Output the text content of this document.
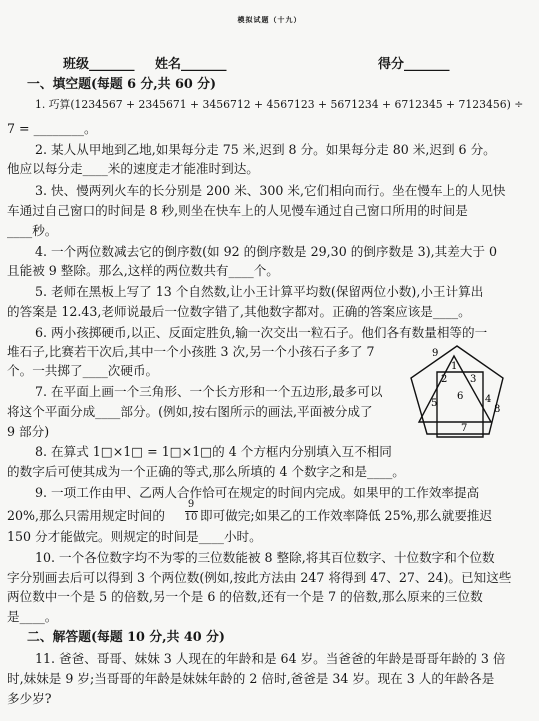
模拟试题（十九）
班级_______ 姓名_______	得分_______
一、填空题(每题 6 分,共 60 分)
1. 巧算(1234567 + 2345671 + 3456712 + 4567123 + 5671234 + 6712345 + 7123456) ÷
7 = ________。
2. 某人从甲地到乙地,如果每分走 75 米,迟到 8 分。如果每分走 80 米,迟到 6 分。
他应以每分走____米的速度走才能准时到达。
3. 快、慢两列火车的长分别是 200 米、300 米,它们相向而行。坐在慢车上的人见快
车通过自己窗口的时间是 8 秒,则坐在快车上的人见慢车通过自己窗口所用的时间是
____秒。
4. 一个两位数减去它的倒序数(如 92 的倒序数是 29,30 的倒序数是 3),其差大于 0
且能被 9 整除。那么,这样的两位数共有____个。
5. 老师在黑板上写了 13 个自然数,让小王计算平均数(保留两位小数),小王计算出
的答案是 12.43,老师说最后一位数字错了,其他数字都对。正确的答案应该是____。
6. 两小孩掷硬币,以正、反面定胜负,输一次交出一粒石子。他们各有数量相等的一
堆石子,比赛若干次后,其中一个小孩胜 3 次,另一个小孩石子多了 7
个。一共掷了____次硬币。
7. 在平面上画一个三角形、一个长方形和一个五边形,最多可以
将这个平面分成____部分。(例如,按右图所示的画法,平面被分成了
9 部分)
9
1
2 3
4
5
6
7
8
8. 在算式 1□×1□ = 1□×1□的 4 个方框内分别填入互不相同
的数字后可使其成为一个正确的等式,那么所填的 4 个数字之和是____。
9. 一项工作由甲、乙两人合作恰可在规定的时间内完成。如果甲的工作效率提高
20%,那么只需用规定时间的
9
10 即可做完;如果乙的工作效率降低 25%,那么就要推迟
150 分才能做完。则规定的时间是____小时。
10. 一个各位数字均不为零的三位数能被 8 整除,将其百位数字、十位数字和个位数
字分别画去后可以得到 3 个两位数(例如,按此方法由 247 将得到 47、27、24)。已知这些
两位数中一个是 5 的倍数,另一个是 6 的倍数,还有一个是 7 的倍数,那么原来的三位数
是____。
二、解答题(每题 10 分,共 40 分)
11. 爸爸、哥哥、妹妹 3 人现在的年龄和是 64 岁。当爸爸的年龄是哥哥年龄的 3 倍
时,妹妹是 9 岁;当哥哥的年龄是妹妹年龄的 2 倍时,爸爸是 34 岁。现在 3 人的年龄各是
多少岁?
